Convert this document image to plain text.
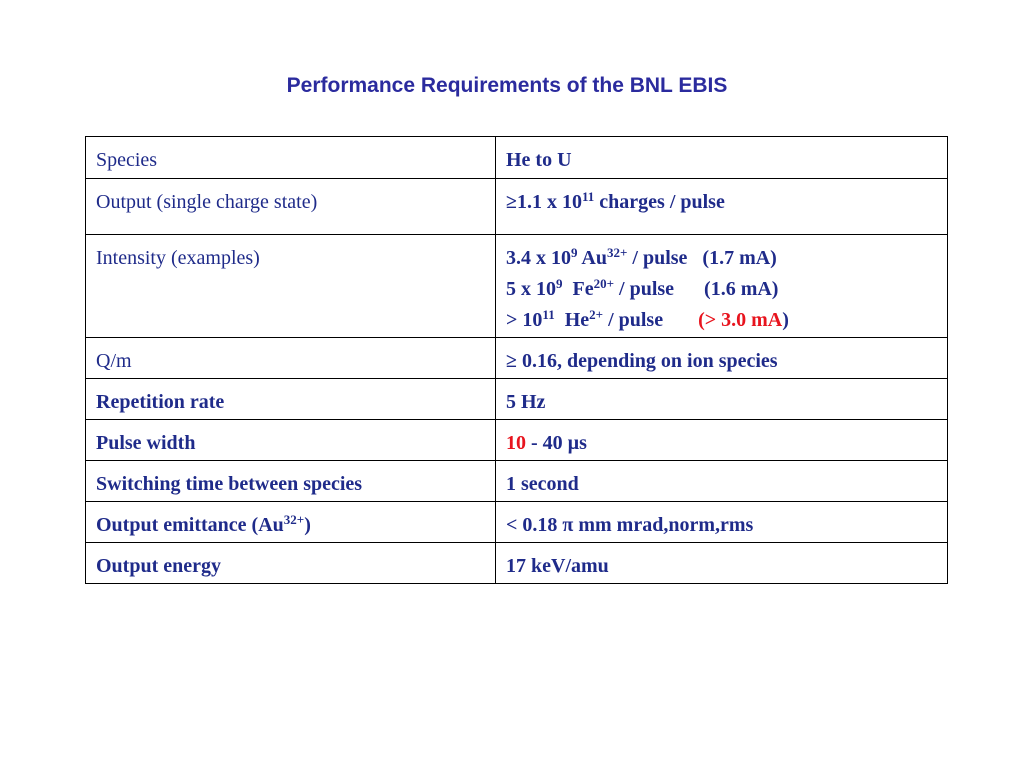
Performance Requirements of the BNL EBIS
Species	He to U
Output (single charge state)	≥1.1 x $10^{11}$ charges / pulse
Intensity (examples)	3.4 x $10^9$ $Au^{32+}$ / pulse   (1.7 mA)
5 x $10^9$  $Fe^{20+}$ / pulse      (1.6 mA)
> $10^{11}$  $He^{2+}$ / pulse       (> 3.0 mA)

Q/m	≥ 0.16, depending on ion species
Repetition rate	5 Hz
Pulse width	10 - 40 µs
Switching time between species	1 second
Output emittance $(Au^{32+})$	< 0.18 π mm mrad,norm,rms
Output energy	17 keV/amu
